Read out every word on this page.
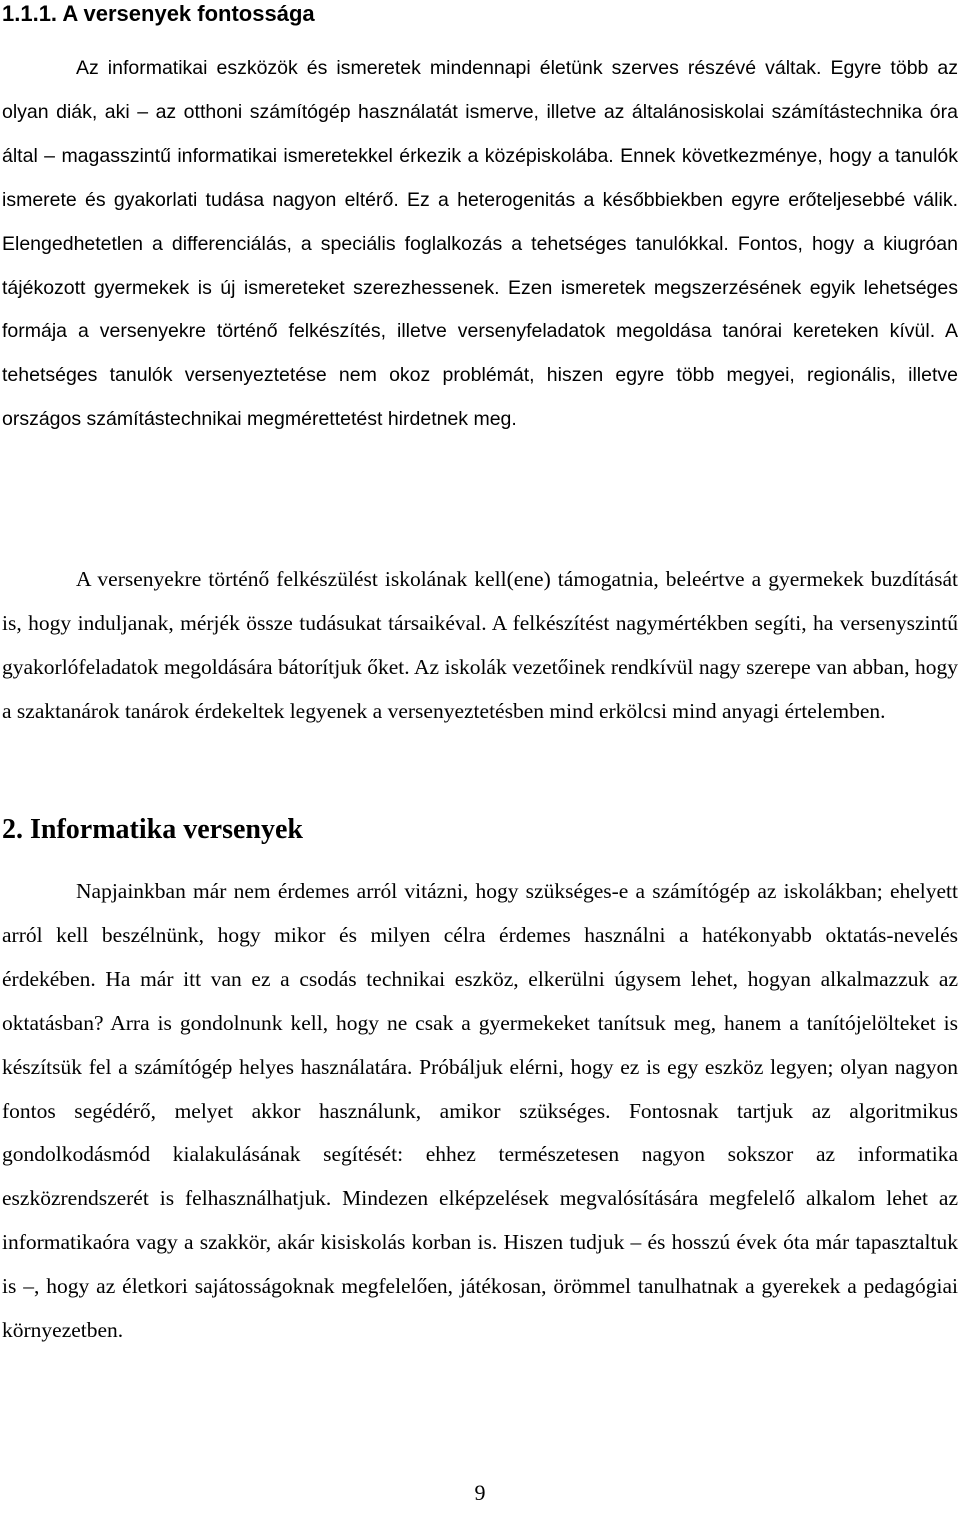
1.1.1. A versenyek fontossága

Az informatikai eszközök és ismeretek mindennapi életünk szerves részévé váltak. Egyre több az olyan diák, aki – az otthoni számítógép használatát ismerve, illetve az általánosiskolai számítástechnika óra által – magasszintű informatikai ismeretekkel érkezik a középiskolába. Ennek következménye, hogy a tanulók ismerete és gyakorlati tudása nagyon eltérő. Ez a heterogenitás a későbbiekben egyre erőteljesebbé válik. Elengedhetetlen a differenciálás, a speciális foglalkozás a tehetséges tanulókkal. Fontos, hogy a kiugróan tájékozott gyermekek is új ismereteket szerezhessenek. Ezen ismeretek megszerzésének egyik lehetséges formája a versenyekre történő felkészítés, illetve versenyfeladatok megoldása tanórai kereteken kívül. A tehetséges tanulók versenyeztetése nem okoz problémát, hiszen egyre több megyei, regionális, illetve országos számítástechnikai megmérettetést hirdetnek meg.

A versenyekre történő felkészülést iskolának kell(ene) támogatnia, beleértve a gyermekek buzdítását is, hogy induljanak, mérjék össze tudásukat társaikéval. A felkészítést nagymértékben segíti, ha versenyszintű gyakorlófeladatok megoldására bátorítjuk őket. Az iskolák vezetőinek rendkívül nagy szerepe van abban, hogy a szaktanárok tanárok érdekeltek legyenek a versenyeztetésben mind erkölcsi mind anyagi értelemben.

2. Informatika versenyek

Napjainkban már nem érdemes arról vitázni, hogy szükséges-e a számítógép az iskolákban; ehelyett arról kell beszélnünk, hogy mikor és milyen célra érdemes használni a hatékonyabb oktatás-nevelés érdekében. Ha már itt van ez a csodás technikai eszköz, elkerülni úgysem lehet, hogyan alkalmazzuk az oktatásban? Arra is gondolnunk kell, hogy ne csak a gyermekeket tanítsuk meg, hanem a tanítójelölteket is készítsük fel a számítógép helyes használatára. Próbáljuk elérni, hogy ez is egy eszköz legyen; olyan nagyon fontos segédérő, melyet akkor használunk, amikor szükséges. Fontosnak tartjuk az algoritmikus gondolkodásmód kialakulásának segítését: ehhez természetesen nagyon sokszor az informatika eszközrendszerét is felhasználhatjuk. Mindezen elképzelések megvalósítására megfelelő alkalom lehet az informatikaóra vagy a szakkör, akár kisiskolás korban is. Hiszen tudjuk – és hosszú évek óta már tapasztaltuk is –, hogy az életkori sajátosságoknak megfelelően, játékosan, örömmel tanulhatnak a gyerekek a pedagógiai környezetben.

9
